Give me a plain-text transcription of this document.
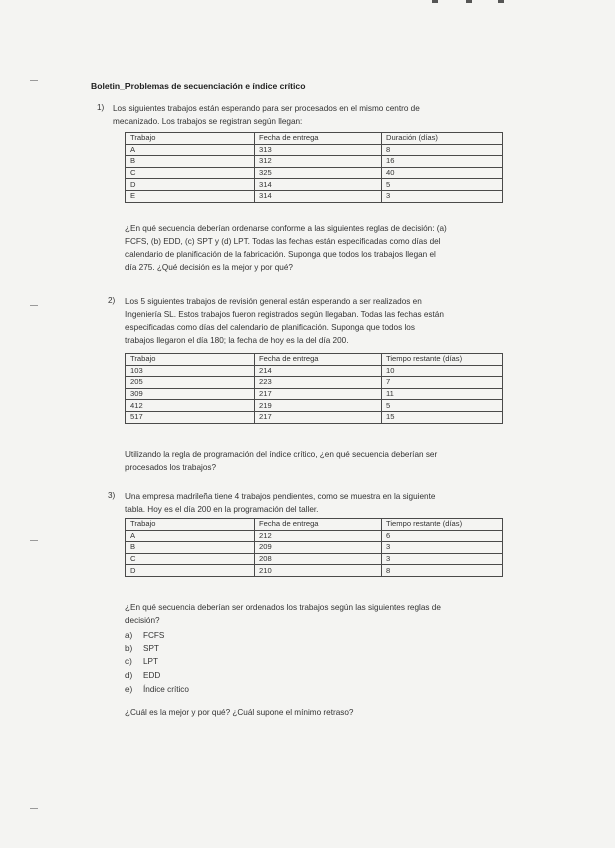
Boletin_Problemas de secuenciación e índice crítico
1) Los siguientes trabajos están esperando para ser procesados en el mismo centro de
mecanizado. Los trabajos se registran según llegan:
Trabajo	Fecha de entrega	Duración (días)
A	313	8
B	312	16
C	325	40
D	314	5
E	314	3
¿En qué secuencia deberían ordenarse conforme a las siguientes reglas de decisión: (a)
FCFS, (b) EDD, (c) SPT y (d) LPT. Todas las fechas están especificadas como días del
calendario de planificación de la fabricación. Suponga que todos los trabajos llegan el
día 275. ¿Qué decisión es la mejor y por qué?
2) Los 5 siguientes trabajos de revisión general están esperando a ser realizados en
Ingeniería SL. Estos trabajos fueron registrados según llegaban. Todas las fechas están
especificadas como días del calendario de planificación. Suponga que todos los
trabajos llegaron el día 180; la fecha de hoy es la del día 200.
Trabajo	Fecha de entrega	Tiempo restante (días)
103	214	10
205	223	7
309	217	11
412	219	5
517	217	15
Utilizando la regla de programación del índice crítico, ¿en qué secuencia deberían ser
procesados los trabajos?
3) Una empresa madrileña tiene 4 trabajos pendientes, como se muestra en la siguiente
tabla. Hoy es el día 200 en la programación del taller.
Trabajo	Fecha de entrega	Tiempo restante (días)
A	212	6
B	209	3
C	208	3
D	210	8
¿En qué secuencia deberían ser ordenados los trabajos según las siguientes reglas de
decisión?
a) FCFS
b) SPT
c) LPT
d) EDD
e) Índice crítico
¿Cuál es la mejor y por qué? ¿Cuál supone el mínimo retraso?
